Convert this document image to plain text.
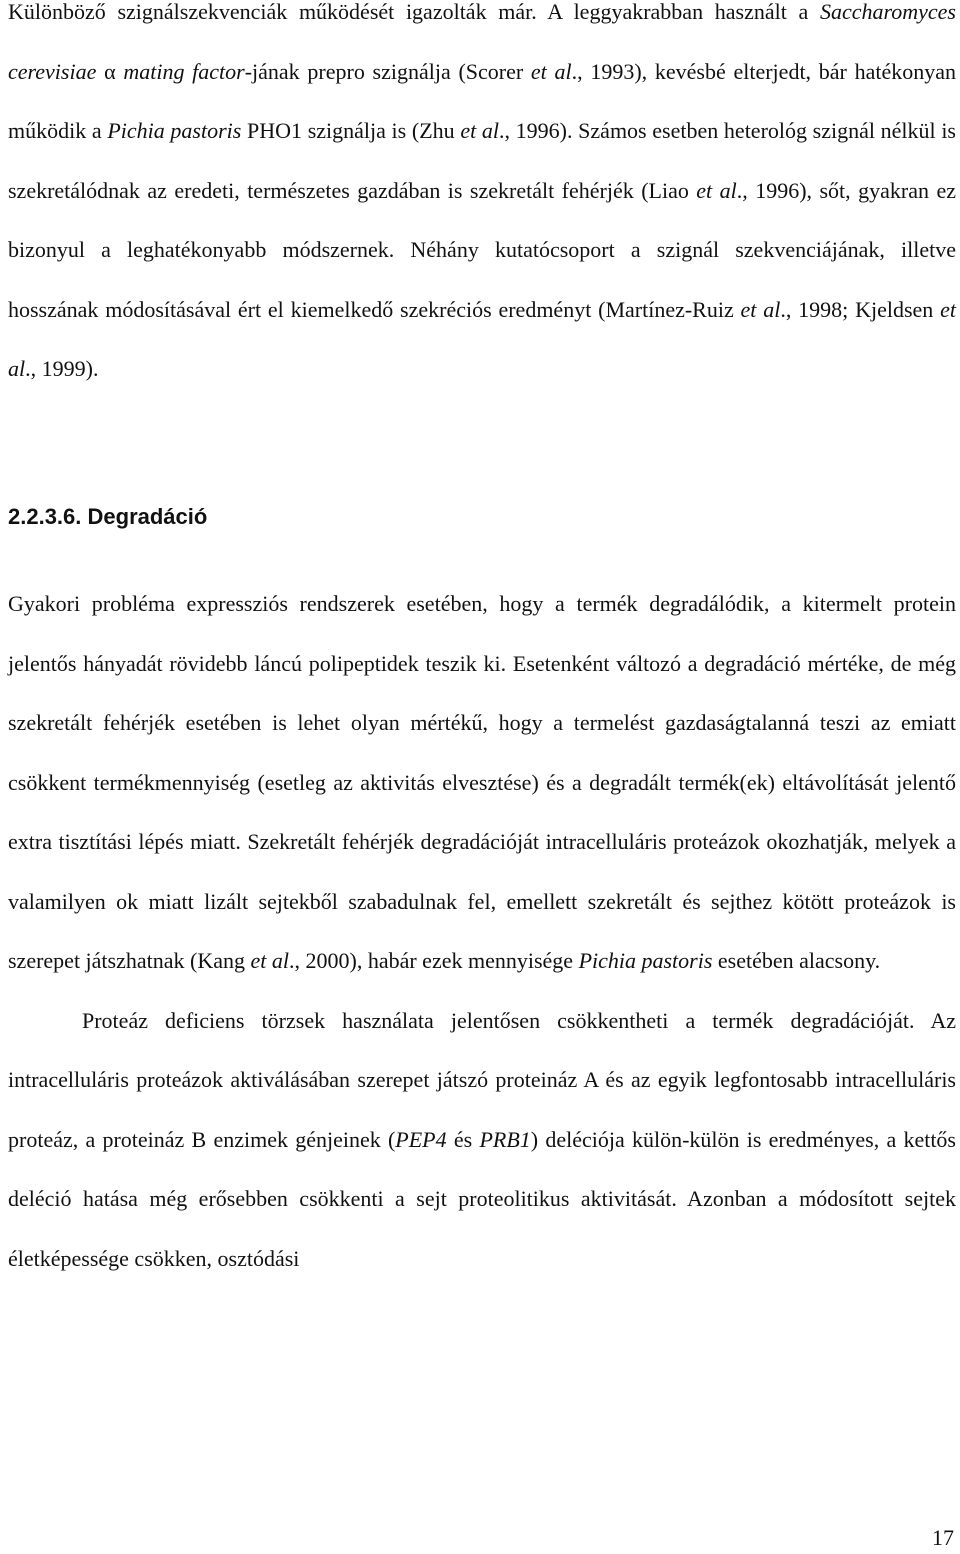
Különböző szignálszekvenciák működését igazolták már. A leggyakrabban használt a Saccharomyces cerevisiae α mating factor-jának prepro szignálja (Scorer et al., 1993), kevésbé elterjedt, bár hatékonyan működik a Pichia pastoris PHO1 szignálja is (Zhu et al., 1996). Számos esetben heterológ szignál nélkül is szekretálódnak az eredeti, természetes gazdában is szekretált fehérjék (Liao et al., 1996), sőt, gyakran ez bizonyul a leghatékonyabb módszernek. Néhány kutatócsoport a szignál szekvenciájának, illetve hosszának módosításával ért el kiemelkedő szekréciós eredményt (Martínez-Ruiz et al., 1998; Kjeldsen et al., 1999).

2.2.3.6. Degradáció

Gyakori probléma expressziós rendszerek esetében, hogy a termék degradálódik, a kitermelt protein jelentős hányadát rövidebb láncú polipeptidek teszik ki. Esetenként változó a degradáció mértéke, de még szekretált fehérjék esetében is lehet olyan mértékű, hogy a termelést gazdaságtalanná teszi az emiatt csökkent termékmennyiség (esetleg az aktivitás elvesztése) és a degradált termék(ek) eltávolítását jelentő extra tisztítási lépés miatt. Szekretált fehérjék degradációját intracelluláris proteázok okozhatják, melyek a valamilyen ok miatt lizált sejtekből szabadulnak fel, emellett szekretált és sejthez kötött proteázok is szerepet játszhatnak (Kang et al., 2000), habár ezek mennyisége Pichia pastoris esetében alacsony.

Proteáz deficiens törzsek használata jelentősen csökkentheti a termék degradációját. Az intracelluláris proteázok aktiválásában szerepet játszó proteináz A és az egyik legfontosabb intracelluláris proteáz, a proteináz B enzimek génjeinek (PEP4 és PRB1) deléciója külön-külön is eredményes, a kettős deléció hatása még erősebben csökkenti a sejt proteolitikus aktivitását. Azonban a módosított sejtek életképessége csökken, osztódási

17
